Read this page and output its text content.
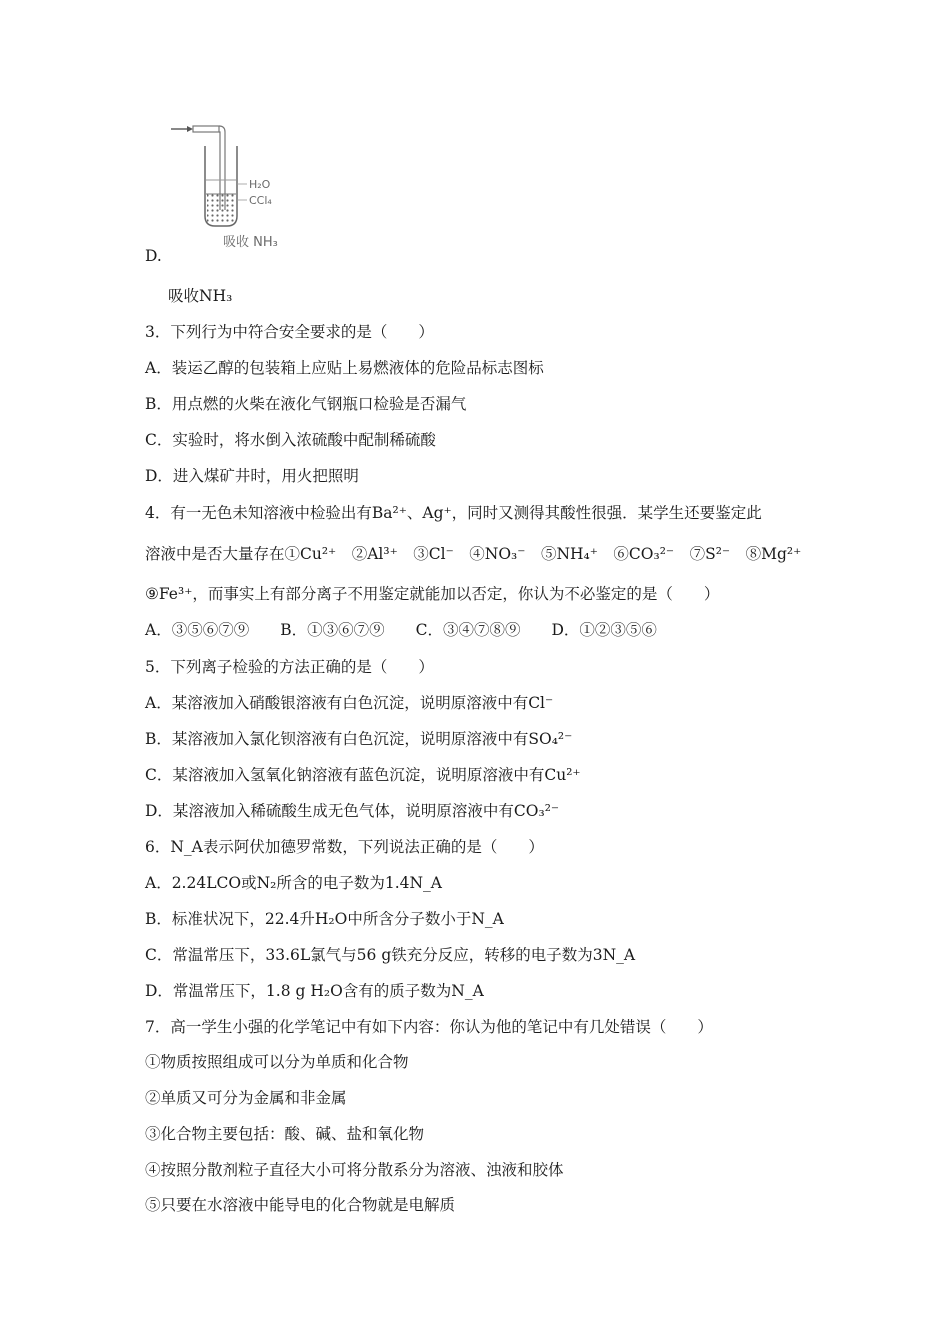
H₂O
CCl₄
吸收 NH₃
D.
吸收NH₃
3．下列行为中符合安全要求的是（　　）
A．装运乙醇的包装箱上应贴上易燃液体的危险品标志图标
B．用点燃的火柴在液化气钢瓶口检验是否漏气
C．实验时，将水倒入浓硫酸中配制稀硫酸
D．进入煤矿井时，用火把照明
4．有一无色未知溶液中检验出有Ba²⁺、Ag⁺，同时又测得其酸性很强．某学生还要鉴定此
溶液中是否大量存在①Cu²⁺　②Al³⁺　③Cl⁻　④NO₃⁻　⑤NH₄⁺　⑥CO₃²⁻　⑦S²⁻　⑧Mg²⁺
⑨Fe³⁺，而事实上有部分离子不用鉴定就能加以否定，你认为不必鉴定的是（　　）
A．③⑤⑥⑦⑨　　B．①③⑥⑦⑨　　C．③④⑦⑧⑨　　D．①②③⑤⑥
5．下列离子检验的方法正确的是（　　）
A．某溶液加入硝酸银溶液有白色沉淀，说明原溶液中有Cl⁻
B．某溶液加入氯化钡溶液有白色沉淀，说明原溶液中有SO₄²⁻
C．某溶液加入氢氧化钠溶液有蓝色沉淀，说明原溶液中有Cu²⁺
D．某溶液加入稀硫酸生成无色气体，说明原溶液中有CO₃²⁻
6．N_A表示阿伏加德罗常数，下列说法正确的是（　　）
A．2.24LCO或N₂所含的电子数为1.4N_A
B．标准状况下，22.4升H₂O中所含分子数小于N_A
C．常温常压下，33.6L氯气与56 g铁充分反应，转移的电子数为3N_A
D．常温常压下，1.8 g H₂O含有的质子数为N_A
7．高一学生小强的化学笔记中有如下内容：你认为他的笔记中有几处错误（　　）
①物质按照组成可以分为单质和化合物
②单质又可分为金属和非金属
③化合物主要包括：酸、碱、盐和氧化物
④按照分散剂粒子直径大小可将分散系分为溶液、浊液和胶体
⑤只要在水溶液中能导电的化合物就是电解质
